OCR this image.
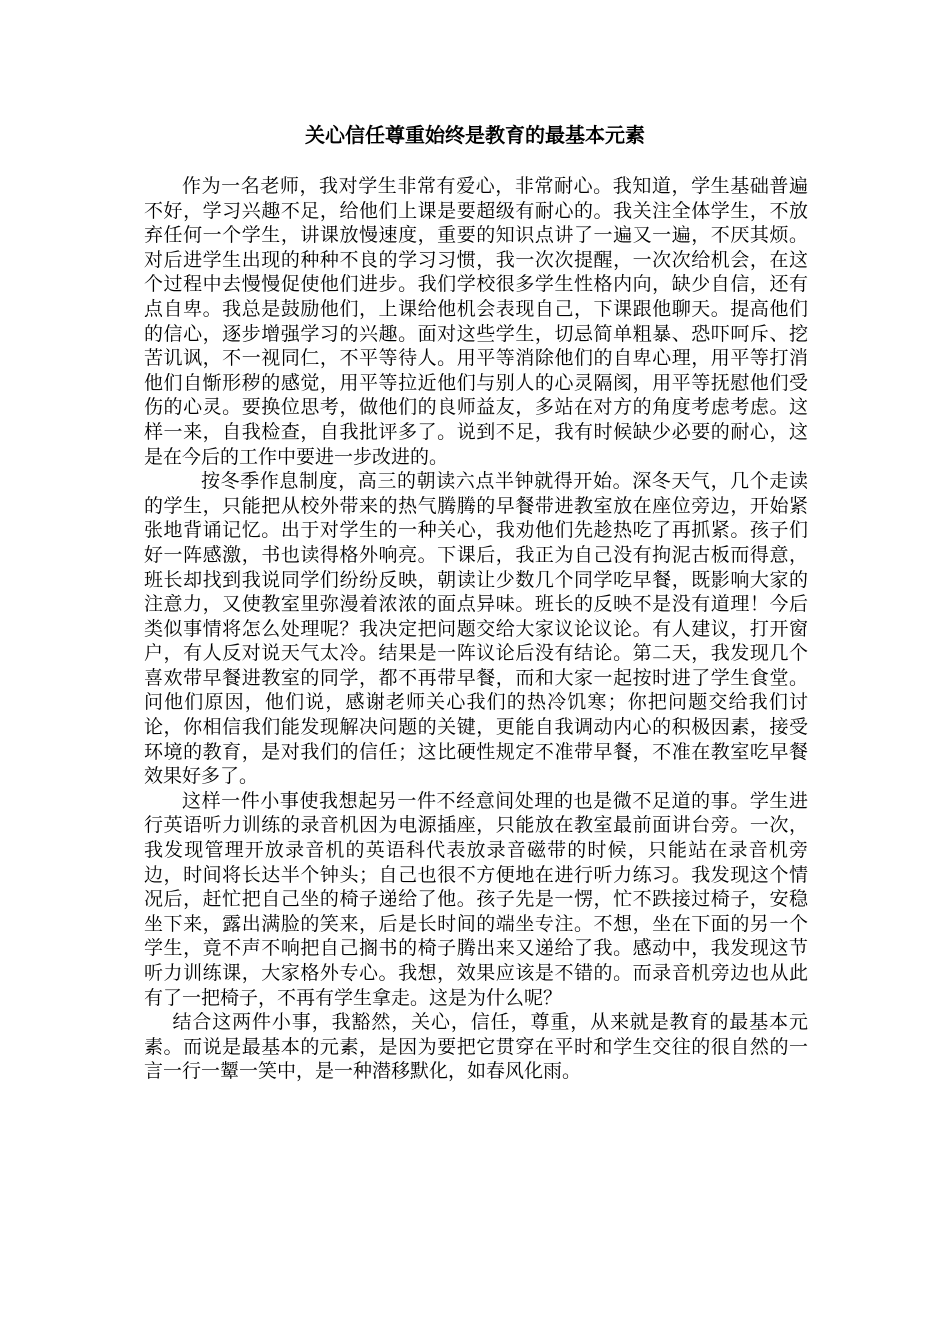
关心信任尊重始终是教育的最基本元素

作为一名老师，我对学生非常有爱心，非常耐心。我知道，学生基础普遍不好，学习兴趣不足，给他们上课是要超级有耐心的。我关注全体学生，不放弃任何一个学生，讲课放慢速度，重要的知识点讲了一遍又一遍，不厌其烦。对后进学生出现的种种不良的学习习惯，我一次次提醒，一次次给机会，在这个过程中去慢慢促使他们进步。我们学校很多学生性格内向，缺少自信，还有点自卑。我总是鼓励他们，上课给他机会表现自己，下课跟他聊天。提高他们的信心，逐步增强学习的兴趣。面对这些学生，切忌简单粗暴、恐吓呵斥、挖苦讥讽，不一视同仁，不平等待人。用平等消除他们的自卑心理，用平等打消他们自惭形秽的感觉，用平等拉近他们与别人的心灵隔阂，用平等抚慰他们受伤的心灵。要换位思考，做他们的良师益友，多站在对方的角度考虑考虑。这样一来，自我检查，自我批评多了。说到不足，我有时候缺少必要的耐心，这是在今后的工作中要进一步改进的。

按冬季作息制度，高三的朝读六点半钟就得开始。深冬天气，几个走读的学生，只能把从校外带来的热气腾腾的早餐带进教室放在座位旁边，开始紧张地背诵记忆。出于对学生的一种关心，我劝他们先趁热吃了再抓紧。孩子们好一阵感激，书也读得格外响亮。下课后，我正为自己没有拘泥古板而得意，班长却找到我说同学们纷纷反映，朝读让少数几个同学吃早餐，既影响大家的注意力，又使教室里弥漫着浓浓的面点异味。班长的反映不是没有道理！今后类似事情将怎么处理呢？我决定把问题交给大家议论议论。有人建议，打开窗户，有人反对说天气太冷。结果是一阵议论后没有结论。第二天，我发现几个喜欢带早餐进教室的同学，都不再带早餐，而和大家一起按时进了学生食堂。问他们原因，他们说，感谢老师关心我们的热冷饥寒；你把问题交给我们讨论，你相信我们能发现解决问题的关键，更能自我调动内心的积极因素，接受环境的教育，是对我们的信任；这比硬性规定不准带早餐，不准在教室吃早餐效果好多了。

这样一件小事使我想起另一件不经意间处理的也是微不足道的事。学生进行英语听力训练的录音机因为电源插座，只能放在教室最前面讲台旁。一次，我发现管理开放录音机的英语科代表放录音磁带的时候，只能站在录音机旁边，时间将长达半个钟头；自己也很不方便地在进行听力练习。我发现这个情况后，赶忙把自己坐的椅子递给了他。孩子先是一愣，忙不跌接过椅子，安稳坐下来，露出满脸的笑来，后是长时间的端坐专注。不想，坐在下面的另一个学生，竟不声不响把自己搁书的椅子腾出来又递给了我。感动中，我发现这节听力训练课，大家格外专心。我想，效果应该是不错的。而录音机旁边也从此有了一把椅子，不再有学生拿走。这是为什么呢？

结合这两件小事，我豁然，关心，信任，尊重，从来就是教育的最基本元素。而说是最基本的元素，是因为要把它贯穿在平时和学生交往的很自然的一言一行一颦一笑中，是一种潜移默化，如春风化雨。
